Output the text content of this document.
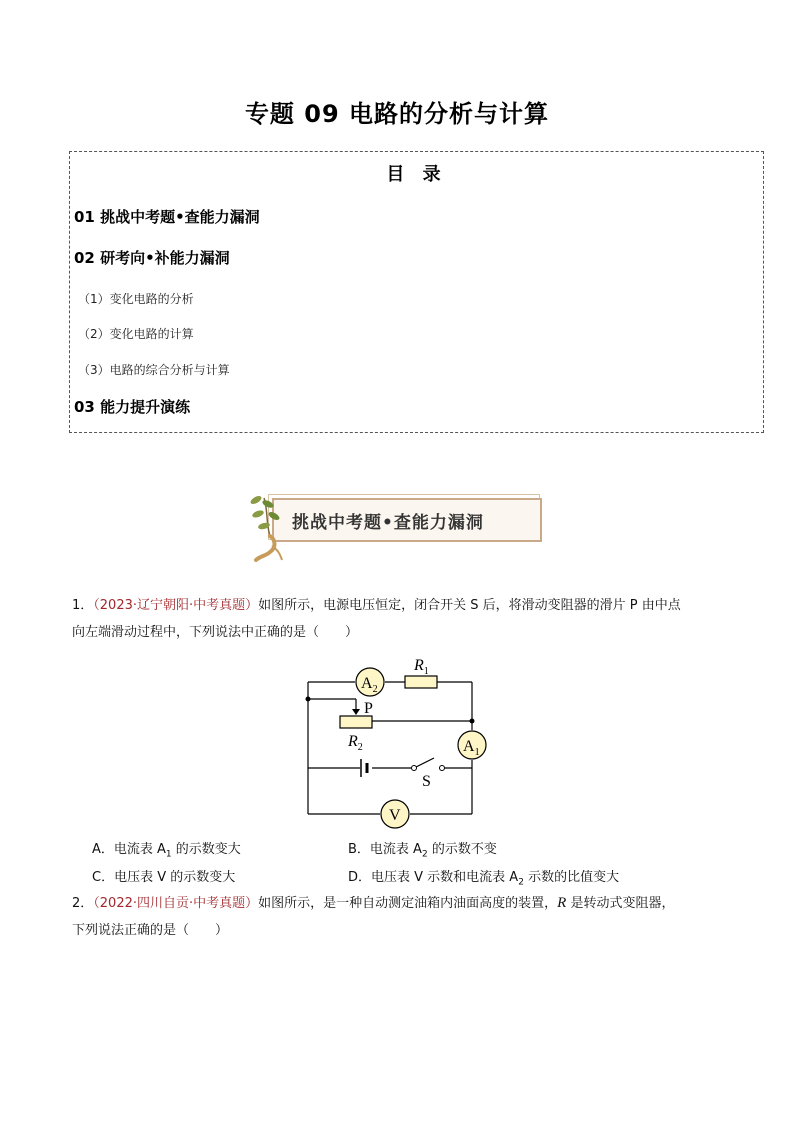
专题 09 电路的分析与计算
目 录
01 挑战中考题•查能力漏洞
02 研考向•补能力漏洞
（1）变化电路的分析
（2）变化电路的计算
（3）电路的综合分析与计算
03 能力提升演练
挑战中考题•查能力漏洞
1．（2023·辽宁朝阳·中考真题）如图所示，电源电压恒定，闭合开关 S 后，将滑动变阻器的滑片 P 由中点
向左端滑动过程中，下列说法中正确的是（　　）
$A_2$
$A_1$
V
$R_1$
P
$R_2$
S
A．电流表 $A_1$ 的示数变大	B．电流表 $A_2$ 的示数不变
C．电压表 V 的示数变大	D．电压表 V 示数和电流表 $A_2$ 示数的比值变大
2．（2022·四川自贡·中考真题）如图所示，是一种自动测定油箱内油面高度的装置，R 是转动式变阻器，
下列说法正确的是（　　）
